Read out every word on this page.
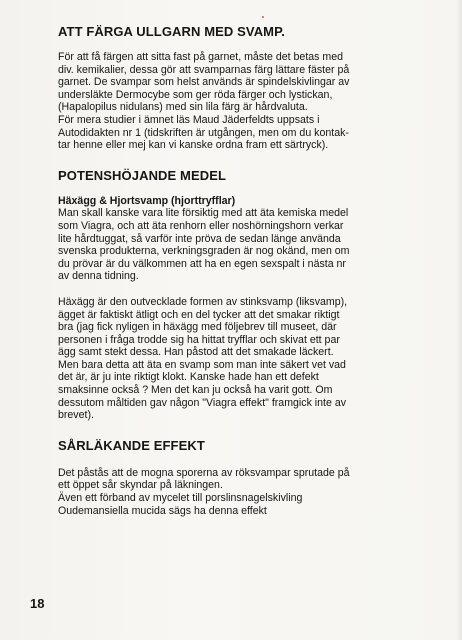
ATT FÄRGA ULLGARN MED SVAMP.

För att få färgen att sitta fast på garnet, måste det betas med
div. kemikalier, dessa gör att svamparnas färg lättare fäster på
garnet. De svampar som helst används är spindelskivlingar av
undersläkte Dermocybe som ger röda färger och lystickan,
(Hapalopilus nidulans) med sin lila färg är hårdvaluta.
För mera studier i ämnet läs Maud Jäderfeldts uppsats i
Autodidakten nr 1 (tidskriften är utgången, men om du kontak-
tar henne eller mej kan vi kanske ordna fram ett särtryck).

POTENSHÖJANDE MEDEL
Häxägg & Hjortsvamp (hjorttryfflar)

Man skall kanske vara lite försiktig med att äta kemiska medel
som Viagra, och att äta renhorn eller noshörningshorn verkar
lite hårdtuggat, så varför inte pröva de sedan länge använda
svenska produkterna, verkningsgraden är nog okänd, men om
du prövar är du välkommen att ha en egen sexspalt i nästa nr
av denna tidning.

Häxägg är den outvecklade formen av stinksvamp (liksvamp),
ägget är faktiskt ätligt och en del tycker att det smakar riktigt
bra (jag fick nyligen in häxägg med följebrev till museet, där
personen i fråga trodde sig ha hittat tryfflar och skivat ett par
ägg samt stekt dessa. Han påstod att det smakade läckert.
Men bara detta att äta en svamp som man inte säkert vet vad
det är, är ju inte riktigt klokt. Kanske hade han ett defekt
smaksinne också ? Men det kan ju också ha varit gott. Om
dessutom måltiden gav någon "Viagra effekt" framgick inte av
brevet).

SÅRLÄKANDE EFFEKT

Det påstås att de mogna sporerna av röksvampar sprutade på
ett öppet sår skyndar på läkningen.
Även ett förband av mycelet till porslinsnagelskivling
Oudemansiella mucida sägs ha denna effekt

18
